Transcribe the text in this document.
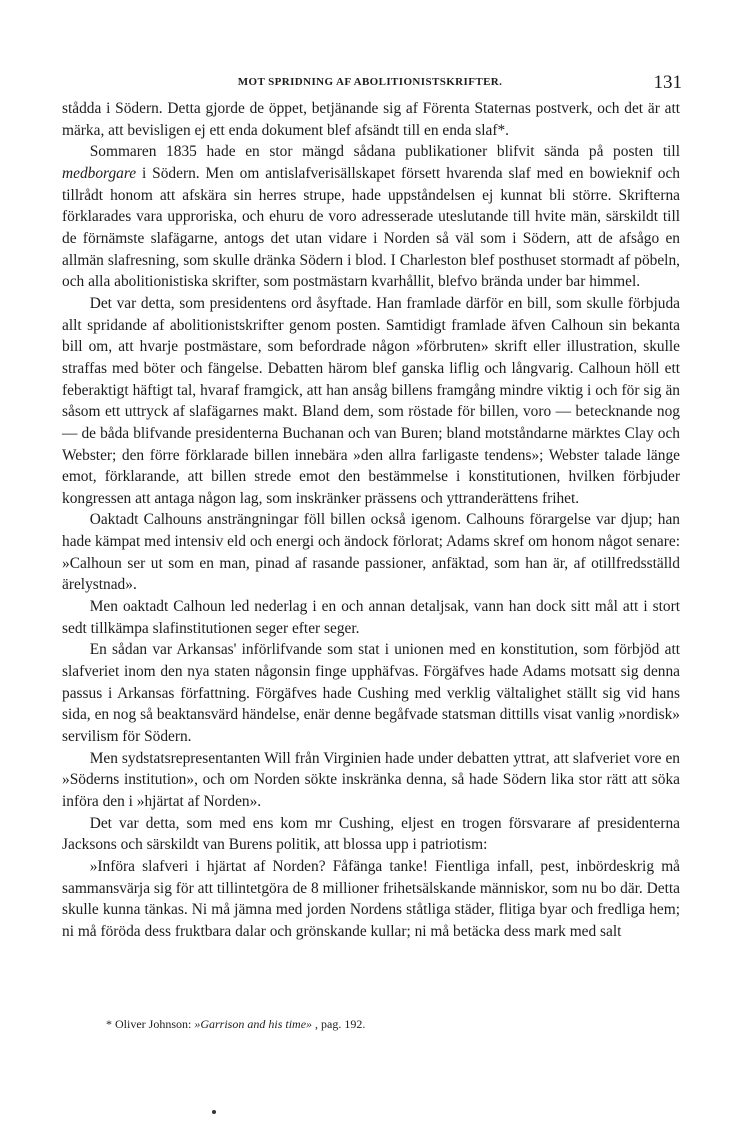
MOT SPRIDNING AF ABOLITIONISTSKRIFTER.	131

stådda i Södern. Detta gjorde de öppet, betjänande sig af Förenta Staternas postverk, och det är att märka, att bevisligen ej ett enda dokument blef afsändt till en enda slaf*.

Sommaren 1835 hade en stor mängd sådana publikationer blifvit sända på posten till medborgare i Södern. Men om antislafverisällskapet försett hvarenda slaf med en bowieknif och tillrådt honom att afskära sin herres strupe, hade uppståndelsen ej kunnat bli större. Skrifterna förklarades vara upproriska, och ehuru de voro adresserade uteslutande till hvite män, särskildt till de förnämste slafägarne, antogs det utan vidare i Norden så väl som i Södern, att de afsågo en allmän slafresning, som skulle dränka Södern i blod. I Charleston blef posthuset stormadt af pöbeln, och alla abolitionistiska skrifter, som postmästarn kvarhållit, blefvo brända under bar himmel.

Det var detta, som presidentens ord åsyftade. Han framlade därför en bill, som skulle förbjuda allt spridande af abolitionistskrifter genom posten. Samtidigt framlade äfven Calhoun sin bekanta bill om, att hvarje postmästare, som befordrade någon »förbruten» skrift eller illustration, skulle straffas med böter och fängelse. Debatten härom blef ganska liflig och långvarig. Calhoun höll ett feberaktigt häftigt tal, hvaraf framgick, att han ansåg billens framgång mindre viktig i och för sig än såsom ett uttryck af slafägarnes makt. Bland dem, som röstade för billen, voro — betecknande nog — de båda blifvande presidenterna Buchanan och van Buren; bland motståndarne märktes Clay och Webster; den förre förklarade billen innebära »den allra farligaste tendens»; Webster talade länge emot, förklarande, att billen strede emot den bestämmelse i konstitutionen, hvilken förbjuder kongressen att antaga någon lag, som inskränker prässens och yttranderättens frihet.

Oaktadt Calhouns ansträngningar föll billen också igenom. Calhouns förargelse var djup; han hade kämpat med intensiv eld och energi och ändock förlorat; Adams skref om honom något senare: »Calhoun ser ut som en man, pinad af rasande passioner, anfäktad, som han är, af otillfredsställd ärelystnad».

Men oaktadt Calhoun led nederlag i en och annan detaljsak, vann han dock sitt mål att i stort sedt tillkämpa slafinstitutionen seger efter seger.

En sådan var Arkansas' införlifvande som stat i unionen med en konstitution, som förbjöd att slafveriet inom den nya staten någonsin finge upphäfvas. Förgäfves hade Adams motsatt sig denna passus i Arkansas författning. Förgäfves hade Cushing med verklig vältalighet ställt sig vid hans sida, en nog så beaktansvärd händelse, enär denne begåfvade statsman dittills visat vanlig »nordisk» servilism för Södern.

Men sydstatsrepresentanten Will från Virginien hade under debatten yttrat, att slafveriet vore en »Söderns institution», och om Norden sökte inskränka denna, så hade Södern lika stor rätt att söka införa den i »hjärtat af Norden».

Det var detta, som med ens kom mr Cushing, eljest en trogen försvarare af presidenterna Jacksons och särskildt van Burens politik, att blossa upp i patriotism:

»Införa slafveri i hjärtat af Norden? Fåfänga tanke! Fientliga infall, pest, inbördeskrig må sammansvärja sig för att tillintetgöra de 8 millioner frihetsälskande människor, som nu bo där. Detta skulle kunna tänkas. Ni må jämna med jorden Nordens ståtliga städer, flitiga byar och fredliga hem; ni må föröda dess fruktbara dalar och grönskande kullar; ni må betäcka dess mark med salt

* Oliver Johnson: »Garrison and his time» , pag. 192.
